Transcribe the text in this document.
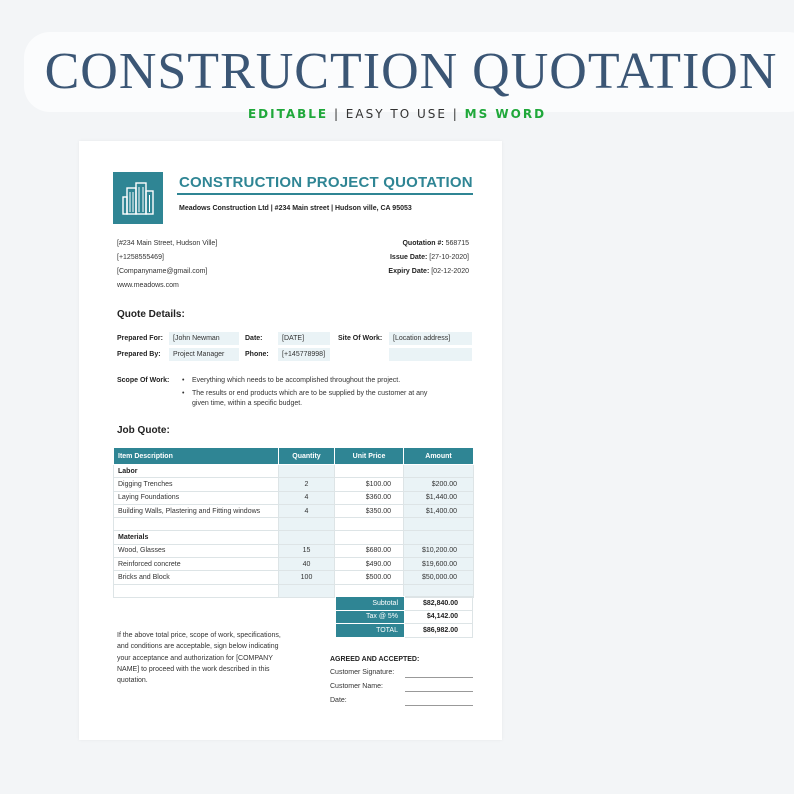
CONSTRUCTION QUOTATION
EDITABLE | EASY TO USE | MS WORD
CONSTRUCTION PROJECT QUOTATION
Meadows Construction Ltd | #234 Main street | Hudson ville, CA 95053
[#234 Main Street, Hudson Ville]
[+1258555469]
[Companyname@gmail.com]
www.meadows.com
Quotation #: 568715
Issue Date: [27-10-2020]
Expiry Date: [02-12-2020
Quote Details:
Prepared For:	[John Newman	Date:	[DATE]	Site Of Work:	[Location address]
Prepared By:	Project Manager	Phone:	[+145778998]
Scope Of Work:	• Everything which needs to be accomplished throughout the project.
• The results or end products which are to be supplied by the customer at any
given time, within a specific budget.
Job Quote:
Item Description	Quantity	Unit Price	Amount
Labor			
Digging Trenches	2	$100.00	$200.00
Laying Foundations	4	$360.00	$1,440.00
Building Walls, Plastering and Fitting windows	4	$350.00	$1,400.00

Materials			
Wood, Glasses	15	$680.00	$10,200.00
Reinforced concrete	40	$490.00	$19,600.00
Bricks and Block	100	$500.00	$50,000.00

Subtotal	$82,840.00
Tax @ 5%	$4,142.00
TOTAL	$86,982.00
If the above total price, scope of work, specifications, and conditions are acceptable, sign below indicating your acceptance and authorization for [COMPANY NAME] to proceed with the work described in this quotation.
AGREED AND ACCEPTED:
Customer Signature:
Customer Name:
Date:
